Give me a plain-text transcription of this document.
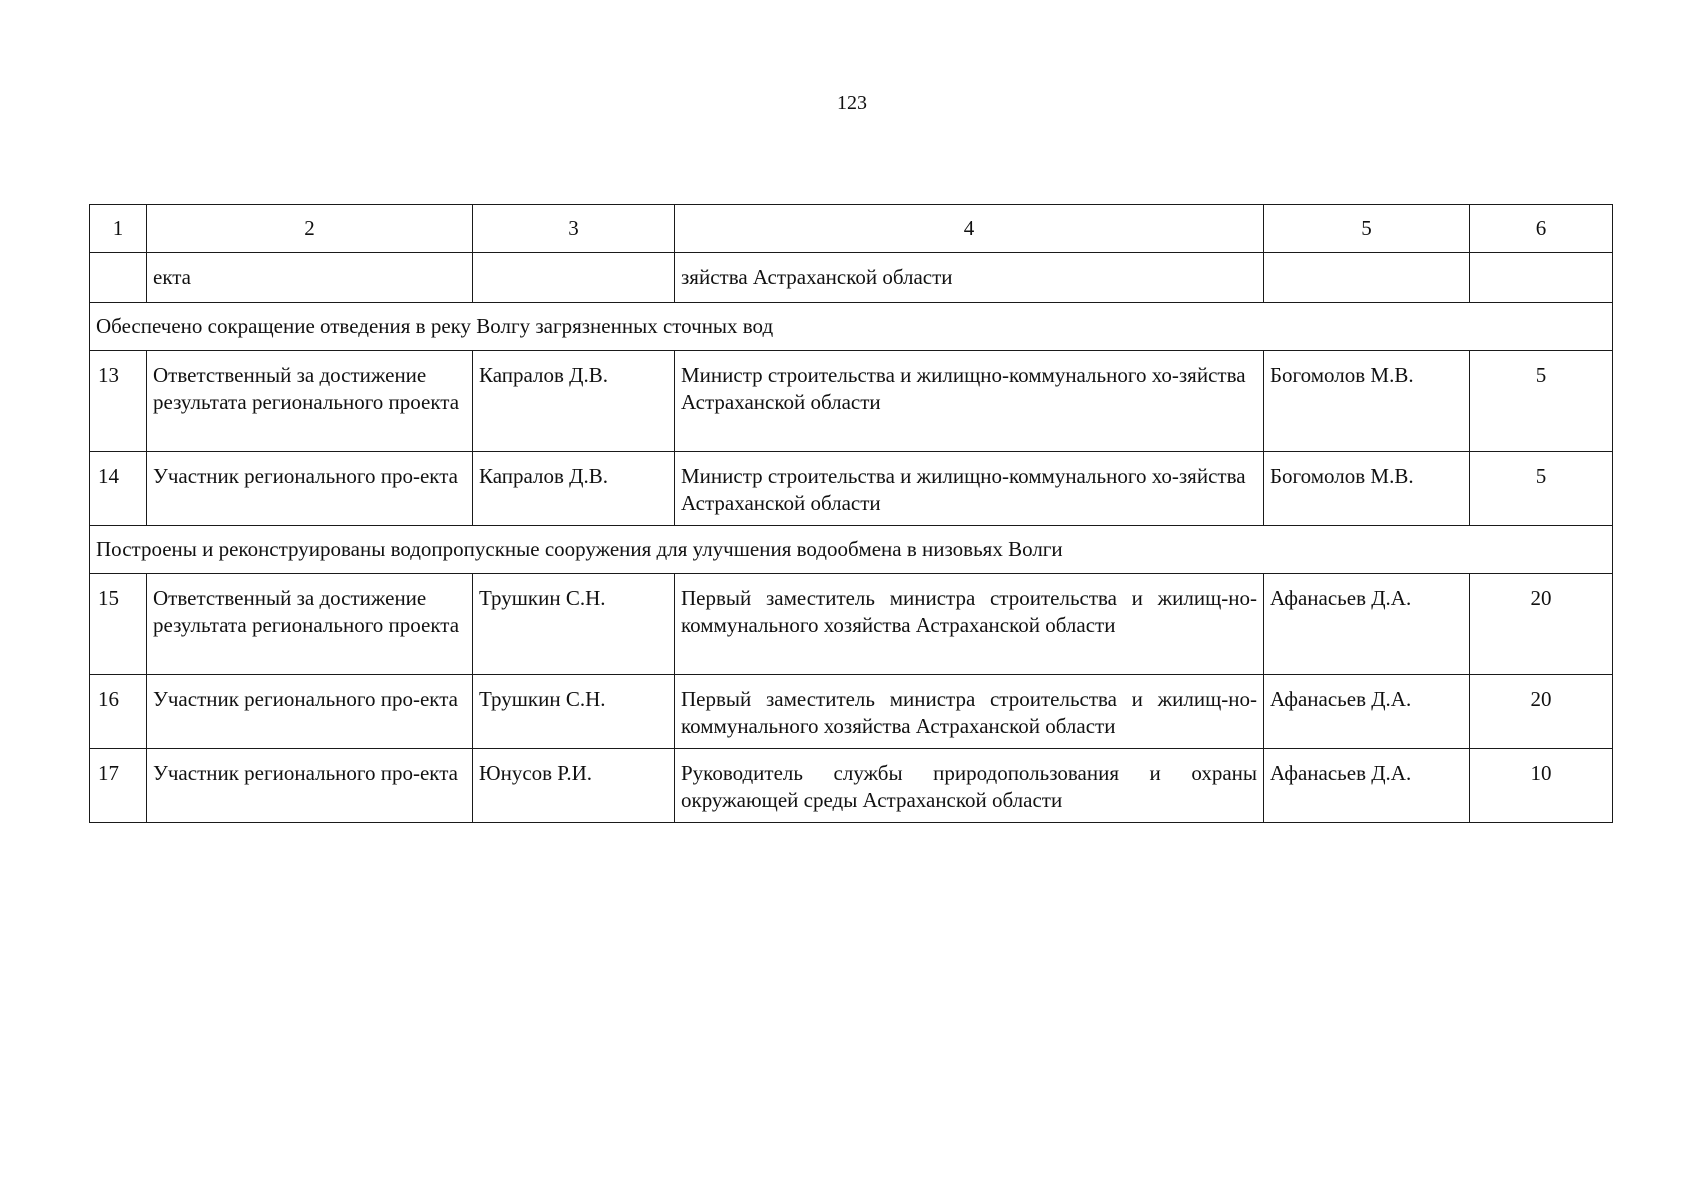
123
1	2	3	4	5	6
	екта		зяйства Астраханской области		
Обеспечено сокращение отведения в реку Волгу загрязненных сточных вод					
13	Ответственный за достижение результата регионального проекта	Капралов Д.В.	Министр строительства и жилищно-коммунального хо-зяйства Астраханской области	Богомолов М.В.	5
14	Участник регионального про-екта	Капралов Д.В.	Министр строительства и жилищно-коммунального хо-зяйства Астраханской области	Богомолов М.В.	5
Построены и реконструированы водопропускные сооружения для улучшения водообмена в низовьях Волги					
15	Ответственный за достижение результата регионального проекта	Трушкин С.Н.	Первый заместитель министра строительства и жилищ-но-коммунального хозяйства Астраханской области	Афанасьев Д.А.	20
16	Участник регионального про-екта	Трушкин С.Н.	Первый заместитель министра строительства и жилищ-но-коммунального хозяйства Астраханской области	Афанасьев Д.А.	20
17	Участник регионального про-екта	Юнусов Р.И.	Руководитель службы природопользования и охраны окружающей среды Астраханской области	Афанасьев Д.А.	10
